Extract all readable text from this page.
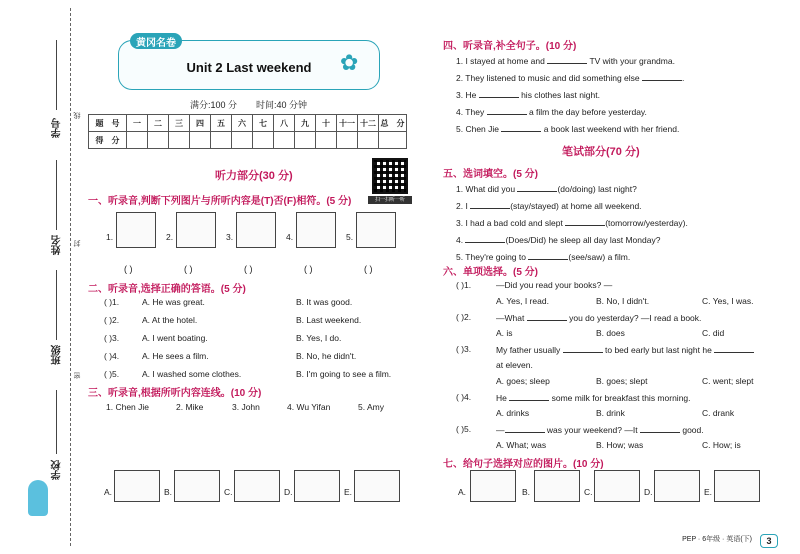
学号
线
姓名 封
班级
密
学校
黄冈名卷
Unit 2 Last weekend	✿
满分:100 分 时间:40 分钟
题　号	一	二	三	四	五	六	七	八	九	十	十一	十二	总　分
得　分													
听力部分(30 分)
扫一扫听一听
一、听录音,判断下列图片与所听内容是(T)否(F)相符。(5 分)
1.	2.	3.	4.	5.
( )	( )	( )	( )	( )
二、听录音,选择正确的答语。(5 分)
( )1.	A. He was great.	B. It was good.
( )2.	A. At the hotel.	B. Last weekend.
( )3.	A. I went boating.	B. Yes, I do.
( )4.	A. He sees a film.	B. No, he didn't.
( )5.	A. I washed some clothes.	B. I'm going to see a film.
三、听录音,根据所听内容连线。(10 分)
1. Chen Jie	2. Mike	3. John	4. Wu Yifan	5. Amy
A.	B.	C.	D.	E.
四、听录音,补全句子。(10 分)
1. I stayed at home and	TV with your grandma.
2. They listened to music and did something else	.
3. He	his clothes last night.
4. They	a film the day before yesterday.
5. Chen Jie	a book last weekend with her friend.
笔试部分(70 分)
五、选词填空。(5 分)
1. What did you	(do/doing) last night?
2. I	(stay/stayed) at home all weekend.
3. I had a bad cold and slept	(tomorrow/yesterday).
4.	(Does/Did) he sleep all day last Monday?
5. They're going to	(see/saw) a film.
六、单项选择。(5 分)
( )1.	—Did you read your books? —
A. Yes, I read.	B. No, I didn't.	C. Yes, I was.
( )2.	—What	you do yesterday? —I read a book.
A. is	B. does	C. did
( )3.	My father usually	to bed early but last night he
at eleven.
A. goes; sleep	B. goes; slept	C. went; slept
( )4.	He	some milk for breakfast this morning.
A. drinks	B. drink	C. drank
( )5.	—	was your weekend? —It	good.
A. What; was	B. How; was	C. How; is
七、给句子选择对应的图片。(10 分)
A.	B.	C.	D.	E.
PEP · 6年级 · 英语(下)	3
